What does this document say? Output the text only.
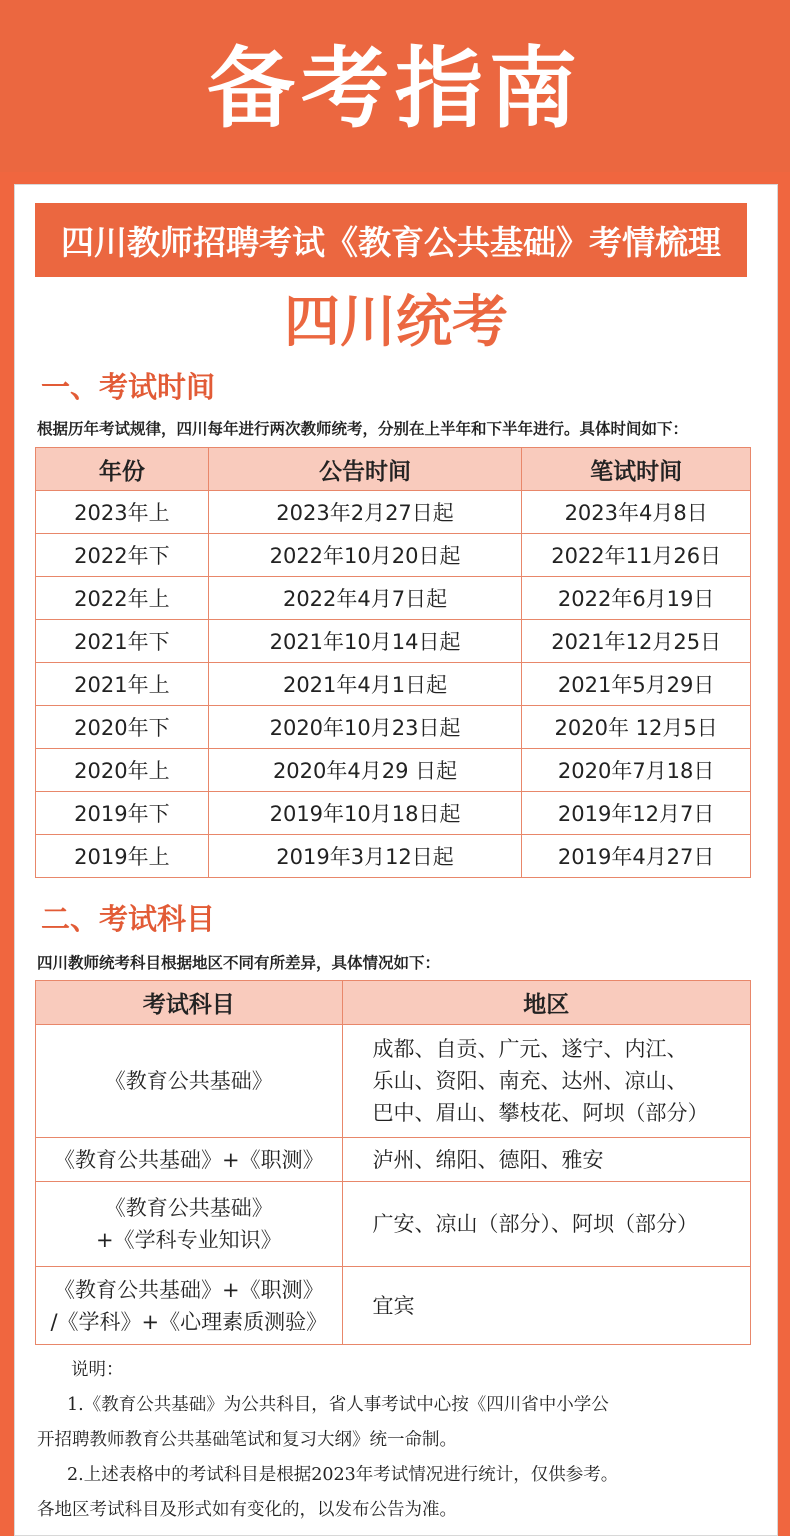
备考指南
四川教师招聘考试《教育公共基础》考情梳理
四川统考
一、考试时间
根据历年考试规律，四川每年进行两次教师统考，分别在上半年和下半年进行。具体时间如下：
年份	公告时间	笔试时间
2023年上	2023年2月27日起	2023年4月8日
2022年下	2022年10月20日起	2022年11月26日
2022年上	2022年4月7日起	2022年6月19日
2021年下	2021年10月14日起	2021年12月25日
2021年上	2021年4月1日起	2021年5月29日
2020年下	2020年10月23日起	2020年 12月5日
2020年上	2020年4月29 日起	2020年7月18日
2019年下	2019年10月18日起	2019年12月7日
2019年上	2019年3月12日起	2019年4月27日
二、考试科目
四川教师统考科目根据地区不同有所差异，具体情况如下：
考试科目	地区

《教育公共基础》	成都、自贡、广元、遂宁、内江、
乐山、资阳、南充、达州、凉山、
巴中、眉山、攀枝花、阿坝（部分）

《教育公共基础》+《职测》	泸州、绵阳、德阳、雅安

《教育公共基础》
+《学科专业知识》	广安、凉山（部分）、阿坝（部分）

《教育公共基础》+《职测》
/《学科》+《心理素质测验》	宜宾

说明：

1.《教育公共基础》为公共科目，省人事考试中心按《四川省中小学公

开招聘教师教育公共基础笔试和复习大纲》统一命制。

2.上述表格中的考试科目是根据2023年考试情况进行统计，仅供参考。

各地区考试科目及形式如有变化的，以发布公告为准。
